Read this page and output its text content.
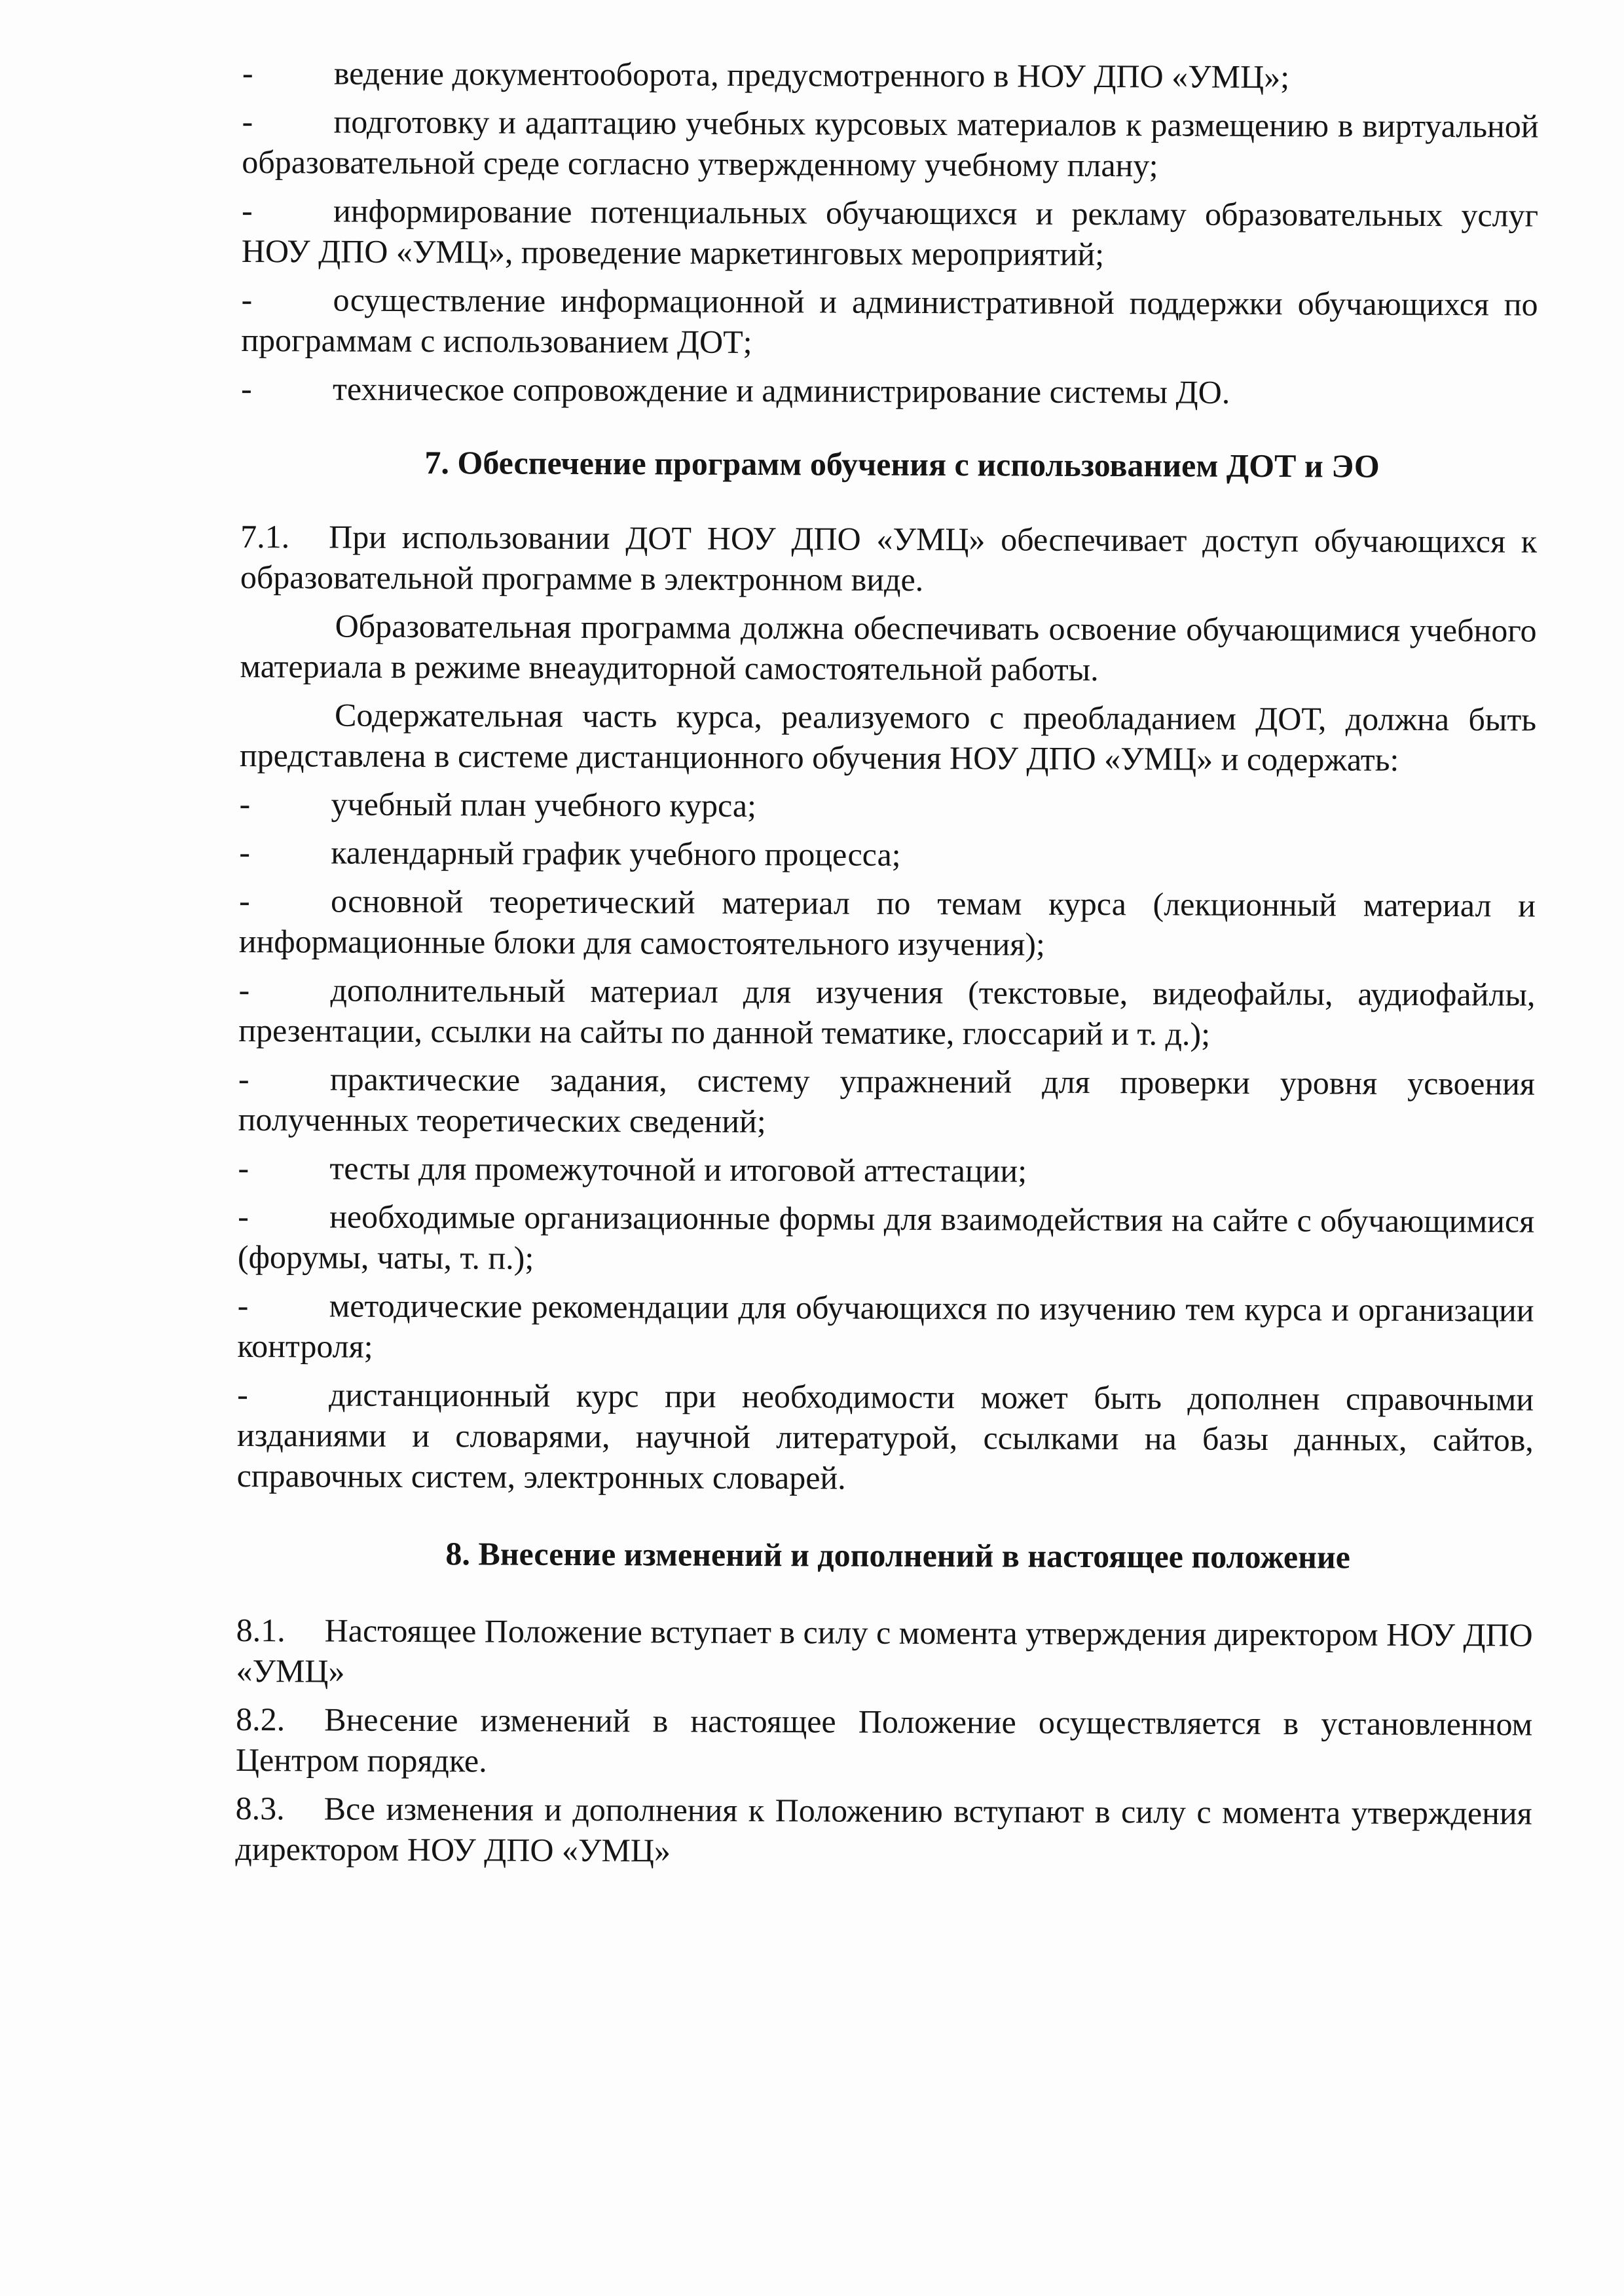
- ведение документооборота, предусмотренного в НОУ ДПО «УМЦ»;

- подготовку и адаптацию учебных курсовых материалов к размещению в виртуальной образовательной среде согласно утвержденному учебному плану;

- информирование потенциальных обучающихся и рекламу образовательных услуг НОУ ДПО «УМЦ», проведение маркетинговых мероприятий;

- осуществление информационной и административной поддержки обучающихся по программам с использованием ДОТ;

- техническое сопровождение и администрирование системы ДО.

7. Обеспечение программ обучения с использованием ДОТ и ЭО

7.1. При использовании ДОТ НОУ ДПО «УМЦ» обеспечивает доступ обучающихся к образовательной программе в электронном виде.

Образовательная программа должна обеспечивать освоение обучающимися учебного материала в режиме внеаудиторной самостоятельной работы.

Содержательная часть курса, реализуемого с преобладанием ДОТ, должна быть представлена в системе дистанционного обучения НОУ ДПО «УМЦ» и содержать:

- учебный план учебного курса;

- календарный график учебного процесса;

- основной теоретический материал по темам курса (лекционный материал и информационные блоки для самостоятельного изучения);

- дополнительный материал для изучения (текстовые, видеофайлы, аудиофайлы, презентации, ссылки на сайты по данной тематике, глоссарий и т. д.);

- практические задания, систему упражнений для проверки уровня усвоения полученных теоретических сведений;

- тесты для промежуточной и итоговой аттестации;

- необходимые организационные формы для взаимодействия на сайте с обучающимися (форумы, чаты, т. п.);

- методические рекомендации для обучающихся по изучению тем курса и организации контроля;

- дистанционный курс при необходимости может быть дополнен справочными изданиями и словарями, научной литературой, ссылками на базы данных, сайтов, справочных систем, электронных словарей.

8. Внесение изменений и дополнений в настоящее положение

8.1. Настоящее Положение вступает в силу с момента утверждения директором НОУ ДПО «УМЦ»

8.2. Внесение изменений в настоящее Положение осуществляется в установленном Центром порядке.

8.3. Все изменения и дополнения к Положению вступают в силу с момента утверждения директором НОУ ДПО «УМЦ»
